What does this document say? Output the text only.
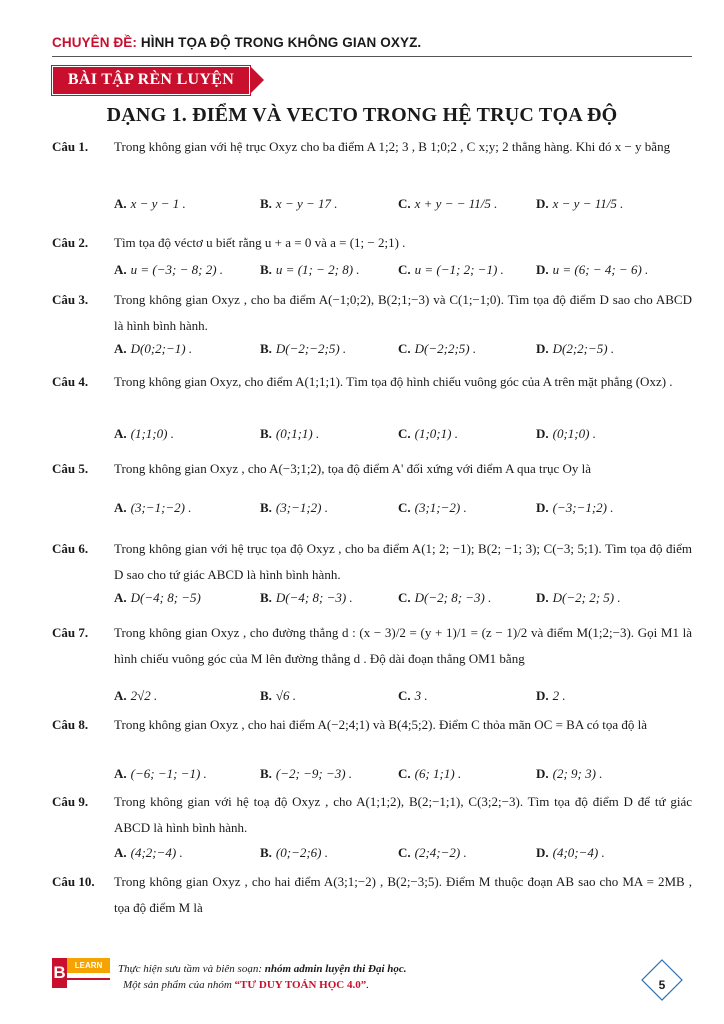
CHUYÊN ĐỀ: HÌNH TỌA ĐỘ TRONG KHÔNG GIAN OXYZ.
BÀI TẬP RÈN LUYỆN
DẠNG 1. ĐIỂM VÀ VECTO TRONG HỆ TRỤC TỌA ĐỘ
Câu 1. Trong không gian với hệ trục Oxyz cho ba điểm A 1;2; 3 , B 1;0;2 , C x;y; 2 thẳng hàng. Khi đó x − y bằng
A. x − y − 1 .	B. x − y − 17 .	C. x + y − − 11/5 .	D. x − y − 11/5 .
Câu 2. Tìm tọa độ véctơ u biết rằng u + a = 0 và a = (1; − 2;1) .
A. u = (−3; − 8; 2) .	B. u = (1; − 2; 8) .	C. u = (−1; 2; −1) . D. u = (6; − 4; − 6) .
Câu 3. Trong không gian Oxyz , cho ba điểm A(−1;0;2), B(2;1;−3) và C(1;−1;0). Tìm tọa độ điểm D sao cho ABCD là hình bình hành.
A. D(0;2;−1) .	B. D(−2;−2;5) .	C. D(−2;2;5) .	D. D(2;2;−5) .
Câu 4. Trong không gian Oxyz, cho điểm A(1;1;1). Tìm tọa độ hình chiếu vuông góc của A trên mặt phẳng (Oxz) .
A. (1;1;0) .	B. (0;1;1) .	C. (1;0;1) .	D. (0;1;0) .
Câu 5. Trong không gian Oxyz , cho A(−3;1;2), tọa độ điểm A' đối xứng với điểm A qua trục Oy là
A. (3;−1;−2) .	B. (3;−1;2) .	C. (3;1;−2) .	D. (−3;−1;2) .
Câu 6. Trong không gian với hệ trục tọa độ Oxyz , cho ba điểm A(1; 2; −1); B(2; −1; 3); C(−3; 5;1). Tìm tọa độ điểm D sao cho tứ giác ABCD là hình bình hành.
A. D(−4; 8; −5)	B. D(−4; 8; −3) .	C. D(−2; 8; −3) .	D. D(−2; 2; 5) .
Câu 7. Trong không gian Oxyz , cho đường thẳng d : (x − 3)/2 = (y + 1)/1 = (z − 1)/2 và điểm M(1;2;−3). Gọi M1 là hình chiếu vuông góc của M lên đường thẳng d . Độ dài đoạn thẳng OM1 bằng
A. 2√2 .	B. √6 .	C. 3 .	D. 2 .
Câu 8. Trong không gian Oxyz , cho hai điểm A(−2;4;1) và B(4;5;2). Điểm C thỏa mãn OC = BA có tọa độ là
A. (−6; −1; −1) .	B. (−2; −9; −3) .	C. (6; 1;1) .	D. (2; 9; 3) .
Câu 9. Trong không gian với hệ toạ độ Oxyz , cho A(1;1;2), B(2;−1;1), C(3;2;−3). Tìm tọa độ điểm D để tứ giác ABCD là hình bình hành.
A. (4;2;−4) .	B. (0;−2;6) .	C. (2;4;−2) .	D. (4;0;−4) .
Câu 10. Trong không gian Oxyz , cho hai điểm A(3;1;−2) , B(2;−3;5). Điểm M thuộc đoạn AB sao cho MA = 2MB , tọa độ điểm M là
B	LEARN	Thực hiện sưu tầm và biên soạn: nhóm admin luyện thi Đại học.
Một sản phẩm của nhóm “TƯ DUY TOÁN HỌC 4.0”.	5
